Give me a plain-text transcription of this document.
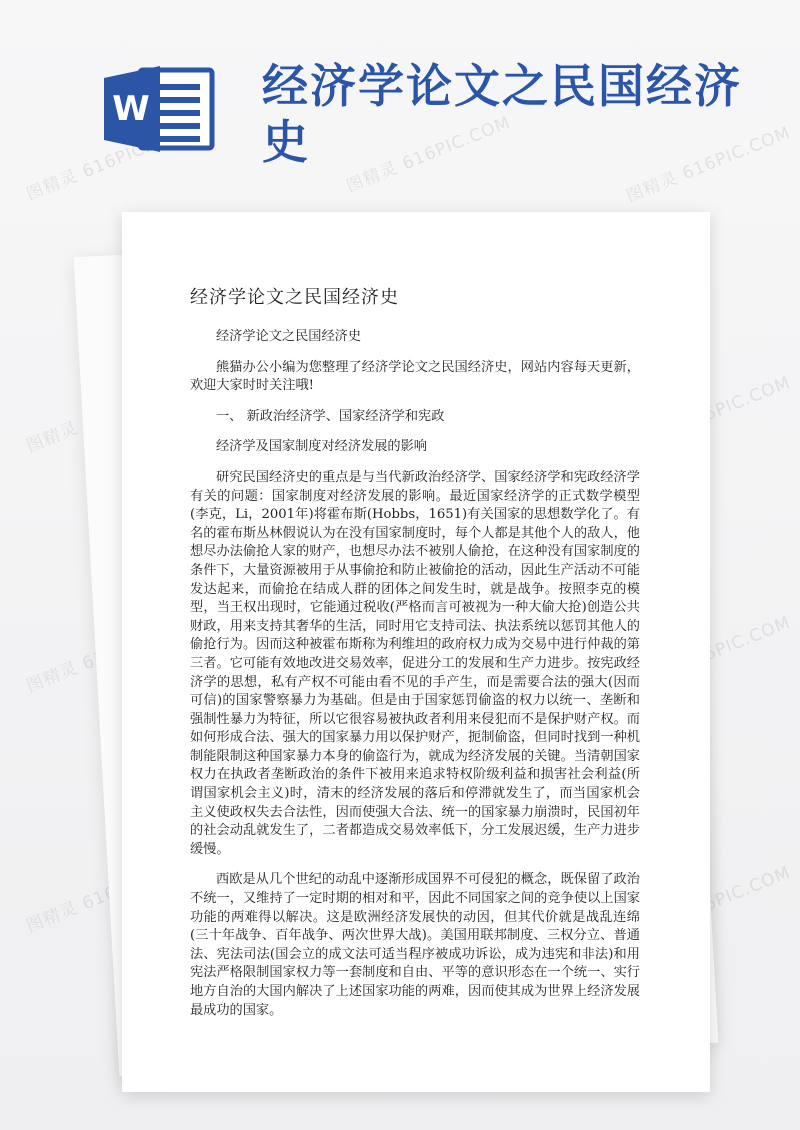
W 经济学论文之民国经济史
经济学论文之民国经济史

经济学论文之民国经济史

熊猫办公小编为您整理了经济学论文之民国经济史，网站内容每天更新，欢迎大家时时关注哦!

一、 新政治经济学、国家经济学和宪政

经济学及国家制度对经济发展的影响

研究民国经济史的重点是与当代新政治经济学、国家经济学和宪政经济学有关的问题：国家制度对经济发展的影响。最近国家经济学的正式数学模型(李克，Li，2001年)将霍布斯(Hobbs，1651)有关国家的思想数学化了。有名的霍布斯丛林假说认为在没有国家制度时，每个人都是其他个人的敌人，他想尽办法偷抢人家的财产，也想尽办法不被别人偷抢，在这种没有国家制度的条件下，大量资源被用于从事偷抢和防止被偷抢的活动，因此生产活动不可能发达起来，而偷抢在结成人群的团体之间发生时，就是战争。按照李克的模型，当王权出现时，它能通过税收(严格而言可被视为一种大偷大抢)创造公共财政，用来支持其奢华的生活，同时用它支持司法、执法系统以惩罚其他人的偷抢行为。因而这种被霍布斯称为利维坦的政府权力成为交易中进行仲裁的第三者。它可能有效地改进交易效率，促进分工的发展和生产力进步。按宪政经济学的思想，私有产权不可能由看不见的手产生，而是需要合法的强大(因而可信)的国家警察暴力为基础。但是由于国家惩罚偷盗的权力以统一、垄断和强制性暴力为特征，所以它很容易被执政者利用来侵犯而不是保护财产权。而如何形成合法、强大的国家暴力用以保护财产，扼制偷盗，但同时找到一种机制能限制这种国家暴力本身的偷盗行为，就成为经济发展的关键。当清朝国家权力在执政者垄断政治的条件下被用来追求特权阶级利益和损害社会利益(所谓国家机会主义)时，清末的经济发展的落后和停滞就发生了，而当国家机会主义使政权失去合法性，因而使强大合法、统一的国家暴力崩溃时，民国初年的社会动乱就发生了，二者都造成交易效率低下，分工发展迟缓，生产力进步缓慢。

西欧是从几个世纪的动乱中逐渐形成国界不可侵犯的概念，既保留了政治不统一，又维持了一定时期的相对和平，因此不同国家之间的竞争使以上国家功能的两难得以解决。这是欧洲经济发展快的动因，但其代价就是战乱连绵(三十年战争、百年战争、两次世界大战)。美国用联邦制度、三权分立、普通法、宪法司法(国会立的成文法可适当程序被成功诉讼，成为违宪和非法)和用宪法严格限制国家权力等一套制度和自由、平等的意识形态在一个统一、实行地方自治的大国内解决了上述国家功能的两难，因而使其成为世界上经济发展最成功的国家。
